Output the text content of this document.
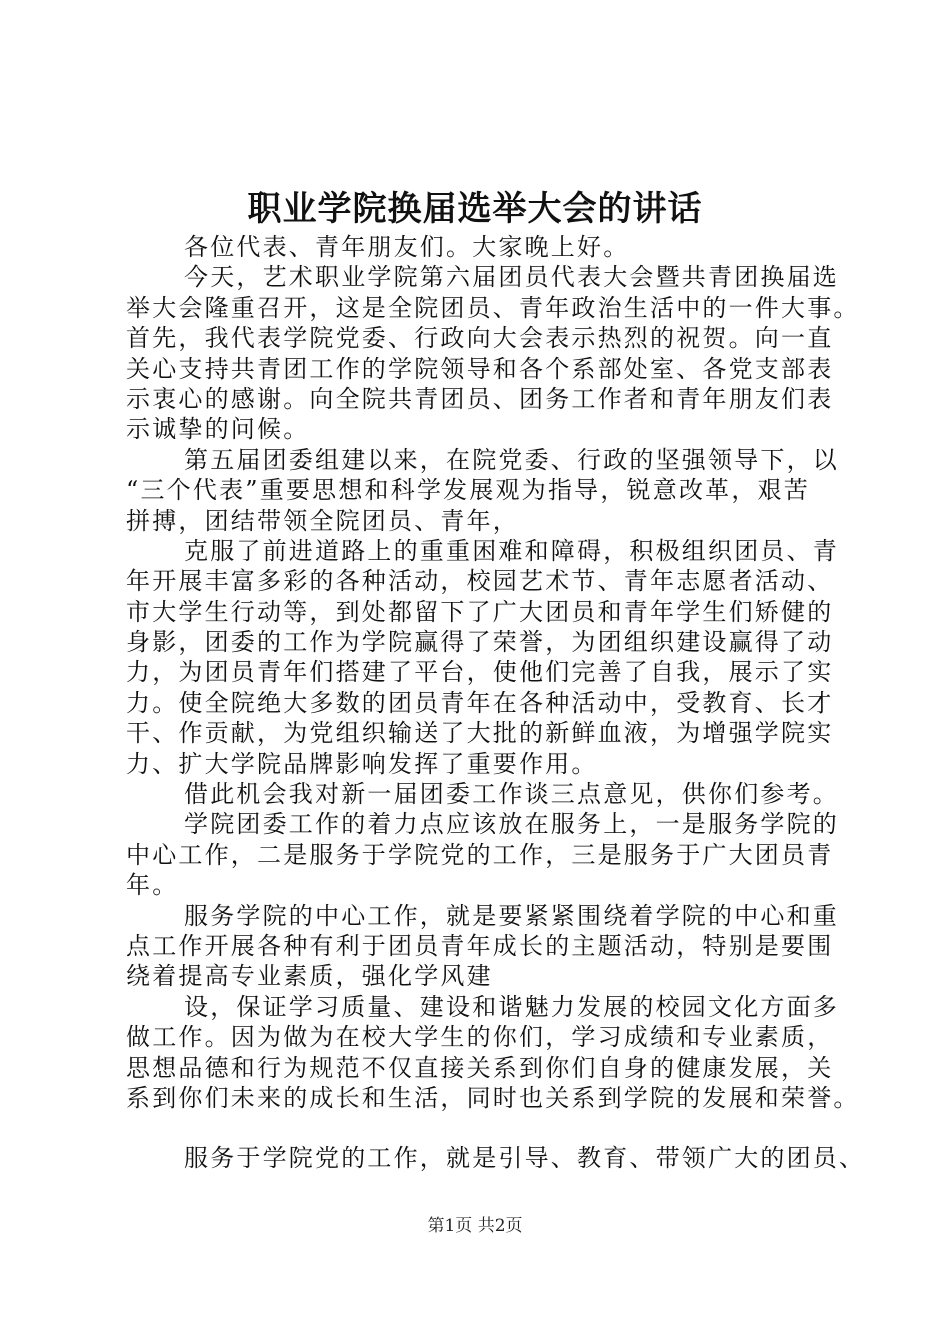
职业学院换届选举大会的讲话
各位代表、青年朋友们。大家晚上好。
今天，艺术职业学院第六届团员代表大会暨共青团换届选
举大会隆重召开，这是全院团员、青年政治生活中的一件大事。
首先，我代表学院党委、行政向大会表示热烈的祝贺。向一直
关心支持共青团工作的学院领导和各个系部处室、各党支部表
示衷心的感谢。向全院共青团员、团务工作者和青年朋友们表
示诚挚的问候。
第五届团委组建以来，在院党委、行政的坚强领导下，以
“三个代表”重要思想和科学发展观为指导，锐意改革，艰苦
拼搏，团结带领全院团员、青年，
克服了前进道路上的重重困难和障碍，积极组织团员、青
年开展丰富多彩的各种活动，校园艺术节、青年志愿者活动、
市大学生行动等，到处都留下了广大团员和青年学生们矫健的
身影，团委的工作为学院赢得了荣誉，为团组织建设赢得了动
力，为团员青年们搭建了平台，使他们完善了自我，展示了实
力。使全院绝大多数的团员青年在各种活动中，受教育、长才
干、作贡献，为党组织输送了大批的新鲜血液，为增强学院实
力、扩大学院品牌影响发挥了重要作用。
借此机会我对新一届团委工作谈三点意见，供你们参考。
学院团委工作的着力点应该放在服务上，一是服务学院的
中心工作，二是服务于学院党的工作，三是服务于广大团员青
年。
服务学院的中心工作，就是要紧紧围绕着学院的中心和重
点工作开展各种有利于团员青年成长的主题活动，特别是要围
绕着提高专业素质，强化学风建
设，保证学习质量、建设和谐魅力发展的校园文化方面多
做工作。因为做为在校大学生的你们，学习成绩和专业素质，
思想品德和行为规范不仅直接关系到你们自身的健康发展，关
系到你们未来的成长和生活，同时也关系到学院的发展和荣誉。
服务于学院党的工作，就是引导、教育、带领广大的团员、
第1页 共2页
